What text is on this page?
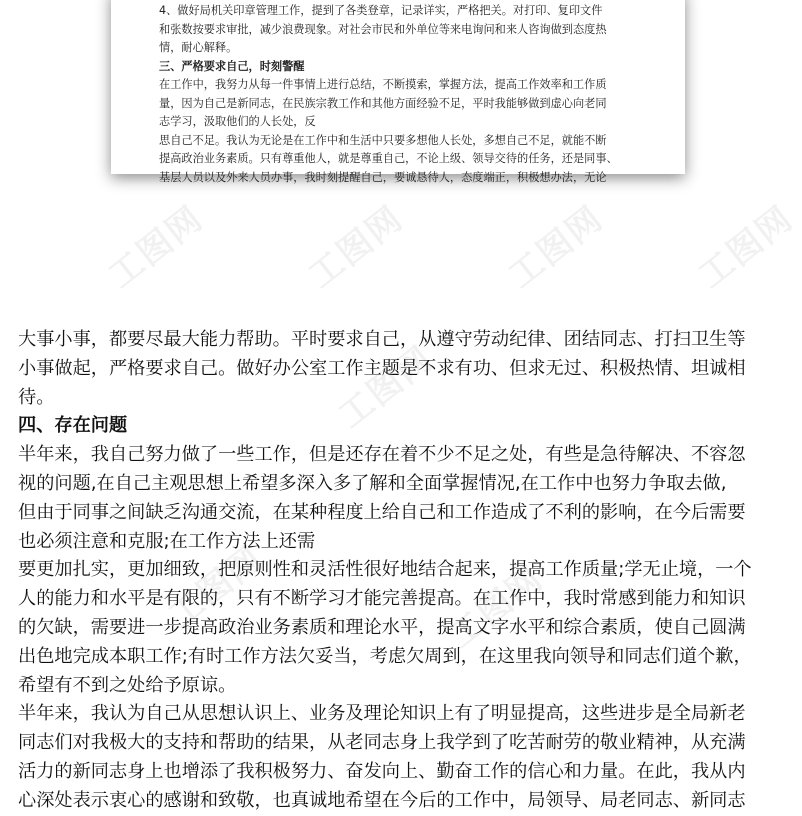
4、做好局机关印章管理工作，提到了各类登章，记录详实，严格把关。对打印、复印文件
和张数按要求审批，减少浪费现象。对社会市民和外单位等来电询问和来人咨询做到态度热
情，耐心解释。
三、严格要求自己，时刻警醒
在工作中，我努力从每一件事情上进行总结，不断摸索，掌握方法，提高工作效率和工作质
量，因为自己是新同志，在民族宗教工作和其他方面经验不足，平时我能够做到虚心向老同
志学习，汲取他们的人长处，反
思自己不足。我认为无论是在工作中和生活中只要多想他人长处，多想自己不足，就能不断
提高政治业务素质。只有尊重他人，就是尊重自己，不论上级、领导交待的任务，还是同事、
基层人员以及外来人员办事，我时刻提醒自己，要诚恳待人，态度端正，积极想办法，无论
工图网	工图网	工图网 工图网
工图网
工图网	工图网
大事小事，都要尽最大能力帮助。平时要求自己，从遵守劳动纪律、团结同志、打扫卫生等
小事做起，严格要求自己。做好办公室工作主题是不求有功、但求无过、积极热情、坦诚相
待。
四、存在问题
半年来，我自己努力做了一些工作，但是还存在着不少不足之处，有些是急待解决、不容忽
视的问题,在自己主观思想上希望多深入多了解和全面掌握情况,在工作中也努力争取去做,
但由于同事之间缺乏沟通交流，在某种程度上给自己和工作造成了不利的影响，在今后需要
也必须注意和克服;在工作方法上还需
要更加扎实，更加细致，把原则性和灵活性很好地结合起来，提高工作质量;学无止境，一个
人的能力和水平是有限的，只有不断学习才能完善提高。在工作中，我时常感到能力和知识
的欠缺，需要进一步提高政治业务素质和理论水平，提高文字水平和综合素质，使自己圆满
出色地完成本职工作;有时工作方法欠妥当，考虑欠周到，在这里我向领导和同志们道个歉，
希望有不到之处给予原谅。
半年来，我认为自己从思想认识上、业务及理论知识上有了明显提高，这些进步是全局新老
同志们对我极大的支持和帮助的结果，从老同志身上我学到了吃苦耐劳的敬业精神，从充满
活力的新同志身上也增添了我积极努力、奋发向上、勤奋工作的信心和力量。在此，我从内
心深处表示衷心的感谢和致敬，也真诚地希望在今后的工作中，局领导、局老同志、新同志
